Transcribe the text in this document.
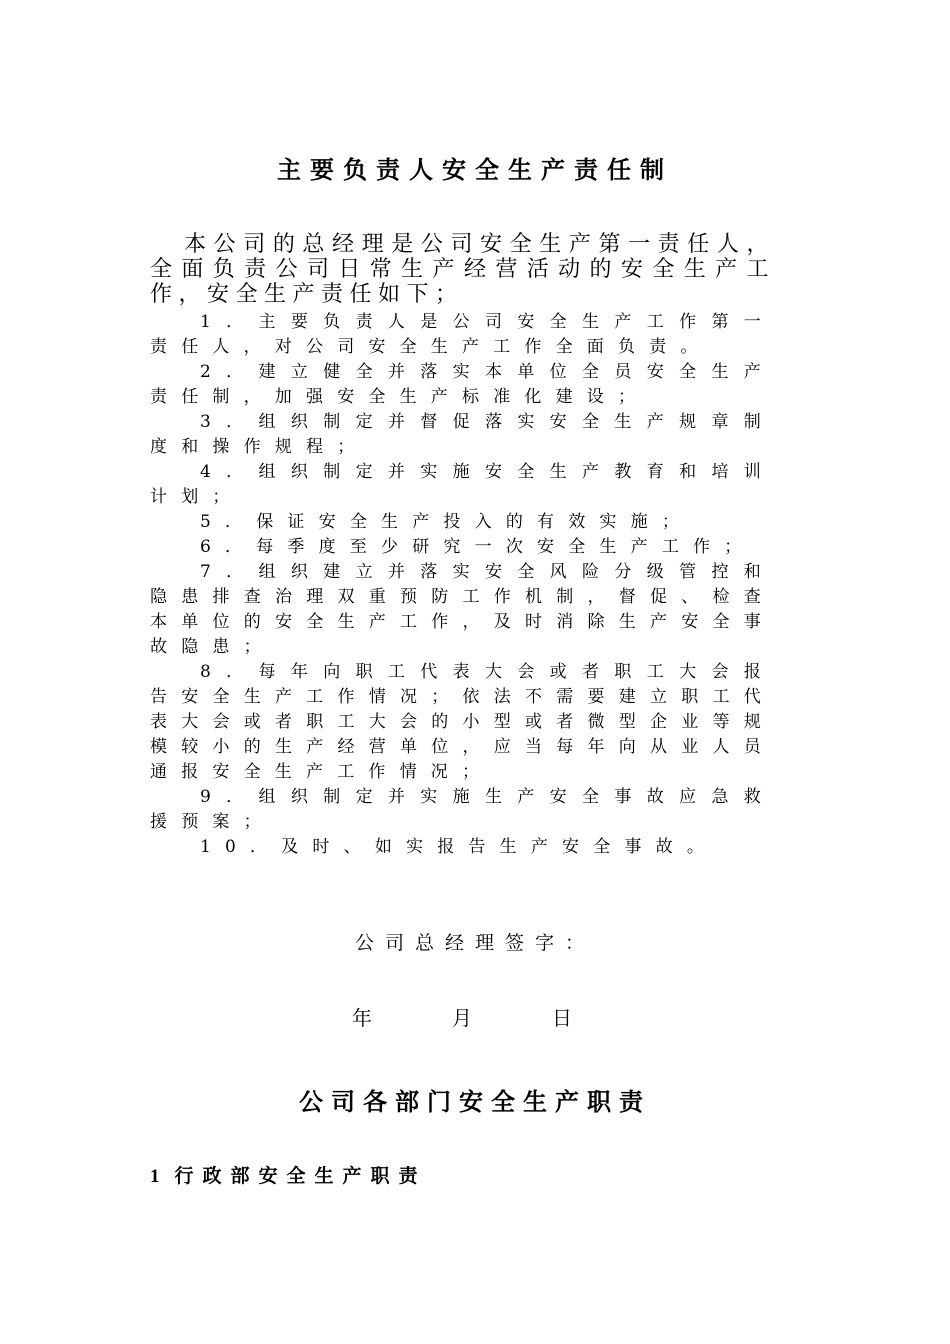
主要负责人安全生产责任制

本公司的总经理是公司安全生产第一责任人，全面负责公司日常生产经营活动的安全生产工作，安全生产责任如下；

1．主要负责人是公司安全生产工作第一责任人，对公司安全生产工作全面负责。

2．建立健全并落实本单位全员安全生产责任制，加强安全生产标准化建设；

3．组织制定并督促落实安全生产规章制度和操作规程；

4．组织制定并实施安全生产教育和培训计划；

5．保证安全生产投入的有效实施；

6．每季度至少研究一次安全生产工作；

7．组织建立并落实安全风险分级管控和隐患排查治理双重预防工作机制，督促、检查本单位的安全生产工作，及时消除生产安全事故隐患；

8．每年向职工代表大会或者职工大会报告安全生产工作情况；依法不需要建立职工代表大会或者职工大会的小型或者微型企业等规模较小的生产经营单位，应当每年向从业人员通报安全生产工作情况；

9．组织制定并实施生产安全事故应急救援预案；

10．及时、如实报告生产安全事故。

公司总经理签字：
年	月	日
公司各部门安全生产职责
1 行政部安全生产职责
